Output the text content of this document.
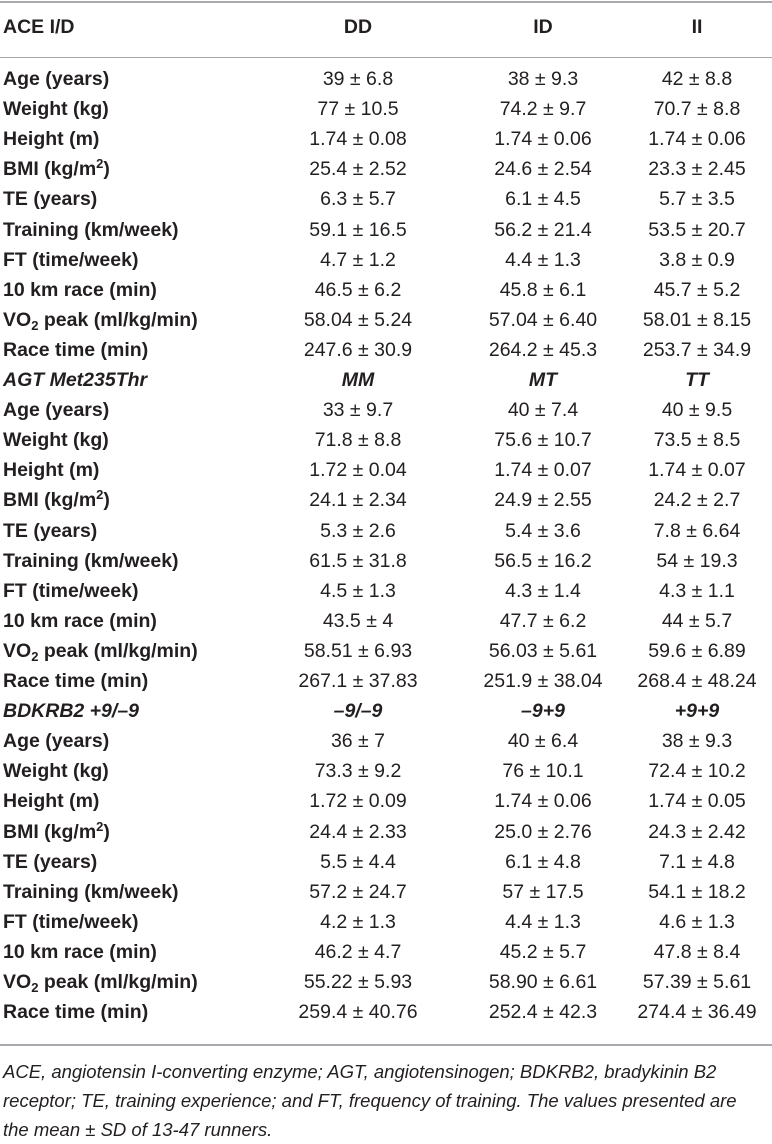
ACE I/D	DD	ID	II
Age (years)	39 ± 6.8	38 ± 9.3	42 ± 8.8
Weight (kg)	77 ± 10.5	74.2 ± 9.7	70.7 ± 8.8
Height (m)	1.74 ± 0.08	1.74 ± 0.06	1.74 ± 0.06
BMI $(kg/m^2)$	25.4 ± 2.52	24.6 ± 2.54	23.3 ± 2.45
TE (years)	6.3 ± 5.7	6.1 ± 4.5	5.7 ± 3.5
Training (km/week)	59.1 ± 16.5	56.2 ± 21.4	53.5 ± 20.7
FT (time/week)	4.7 ± 1.2	4.4 ± 1.3	3.8 ± 0.9
10 km race (min)	46.5 ± 6.2	45.8 ± 6.1	45.7 ± 5.2
$VO_2$ peak (ml/kg/min)	58.04 ± 5.24	57.04 ± 6.40	58.01 ± 8.15
Race time (min)	247.6 ± 30.9	264.2 ± 45.3	253.7 ± 34.9
AGT Met235Thr	MM	MT	TT
Age (years)	33 ± 9.7	40 ± 7.4	40 ± 9.5
Weight (kg)	71.8 ± 8.8	75.6 ± 10.7	73.5 ± 8.5
Height (m)	1.72 ± 0.04	1.74 ± 0.07	1.74 ± 0.07
BMI $(kg/m^2)$	24.1 ± 2.34	24.9 ± 2.55	24.2 ± 2.7
TE (years)	5.3 ± 2.6	5.4 ± 3.6	7.8 ± 6.64
Training (km/week)	61.5 ± 31.8	56.5 ± 16.2	54 ± 19.3
FT (time/week)	4.5 ± 1.3	4.3 ± 1.4	4.3 ± 1.1
10 km race (min)	43.5 ± 4	47.7 ± 6.2	44 ± 5.7
$VO_2$ peak (ml/kg/min)	58.51 ± 6.93	56.03 ± 5.61	59.6 ± 6.89
Race time (min)	267.1 ± 37.83	251.9 ± 38.04	268.4 ± 48.24
BDKRB2 +9/–9	–9/–9	–9+9	+9+9
Age (years)	36 ± 7	40 ± 6.4	38 ± 9.3
Weight (kg)	73.3 ± 9.2	76 ± 10.1	72.4 ± 10.2
Height (m)	1.72 ± 0.09	1.74 ± 0.06	1.74 ± 0.05
BMI $(kg/m^2)$	24.4 ± 2.33	25.0 ± 2.76	24.3 ± 2.42
TE (years)	5.5 ± 4.4	6.1 ± 4.8	7.1 ± 4.8
Training (km/week)	57.2 ± 24.7	57 ± 17.5	54.1 ± 18.2
FT (time/week)	4.2 ± 1.3	4.4 ± 1.3	4.6 ± 1.3
10 km race (min)	46.2 ± 4.7	45.2 ± 5.7	47.8 ± 8.4
$VO_2$ peak (ml/kg/min)	55.22 ± 5.93	58.90 ± 6.61	57.39 ± 5.61
Race time (min)	259.4 ± 40.76	252.4 ± 42.3	274.4 ± 36.49
ACE, angiotensin I-converting enzyme; AGT, angiotensinogen; BDKRB2, bradykinin B2 receptor; TE, training experience; and FT, frequency of training. The values presented are the mean ± SD of 13-47 runners.
